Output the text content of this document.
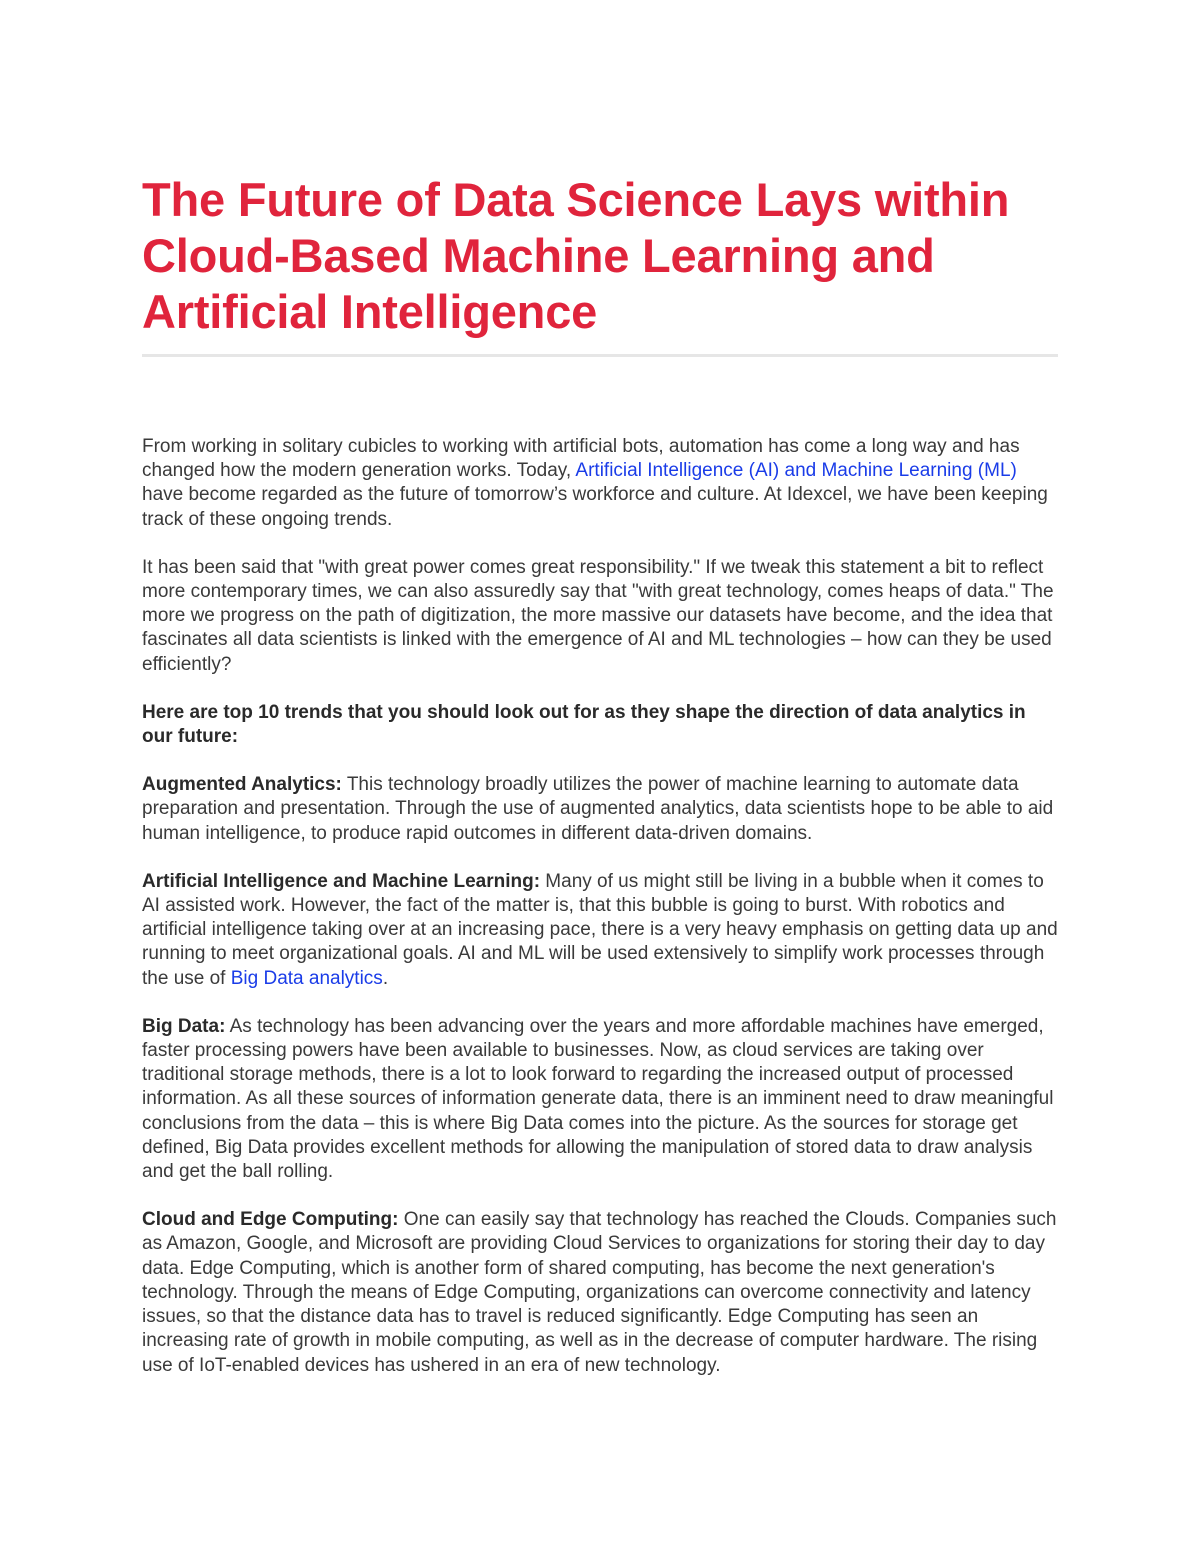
The Future of Data Science Lays within Cloud-Based Machine Learning and Artificial Intelligence

From working in solitary cubicles to working with artificial bots, automation has come a long way and has changed how the modern generation works. Today, Artificial Intelligence (AI) and Machine Learning (ML) have become regarded as the future of tomorrow’s workforce and culture. At Idexcel, we have been keeping track of these ongoing trends.

It has been said that "with great power comes great responsibility." If we tweak this statement a bit to reflect more contemporary times, we can also assuredly say that "with great technology, comes heaps of data." The more we progress on the path of digitization, the more massive our datasets have become, and the idea that fascinates all data scientists is linked with the emergence of AI and ML technologies – how can they be used efficiently?

Here are top 10 trends that you should look out for as they shape the direction of data analytics in our future:

Augmented Analytics: This technology broadly utilizes the power of machine learning to automate data preparation and presentation. Through the use of augmented analytics, data scientists hope to be able to aid human intelligence, to produce rapid outcomes in different data-driven domains.

Artificial Intelligence and Machine Learning: Many of us might still be living in a bubble when it comes to AI assisted work. However, the fact of the matter is, that this bubble is going to burst. With robotics and artificial intelligence taking over at an increasing pace, there is a very heavy emphasis on getting data up and running to meet organizational goals. AI and ML will be used extensively to simplify work processes through the use of Big Data analytics.

Big Data: As technology has been advancing over the years and more affordable machines have emerged, faster processing powers have been available to businesses. Now, as cloud services are taking over traditional storage methods, there is a lot to look forward to regarding the increased output of processed information. As all these sources of information generate data, there is an imminent need to draw meaningful conclusions from the data – this is where Big Data comes into the picture. As the sources for storage get defined, Big Data provides excellent methods for allowing the manipulation of stored data to draw analysis and get the ball rolling.

Cloud and Edge Computing: One can easily say that technology has reached the Clouds. Companies such as Amazon, Google, and Microsoft are providing Cloud Services to organizations for storing their day to day data. Edge Computing, which is another form of shared computing, has become the next generation's technology. Through the means of Edge Computing, organizations can overcome connectivity and latency issues, so that the distance data has to travel is reduced significantly. Edge Computing has seen an increasing rate of growth in mobile computing, as well as in the decrease of computer hardware. The rising use of IoT-enabled devices has ushered in an era of new technology.
